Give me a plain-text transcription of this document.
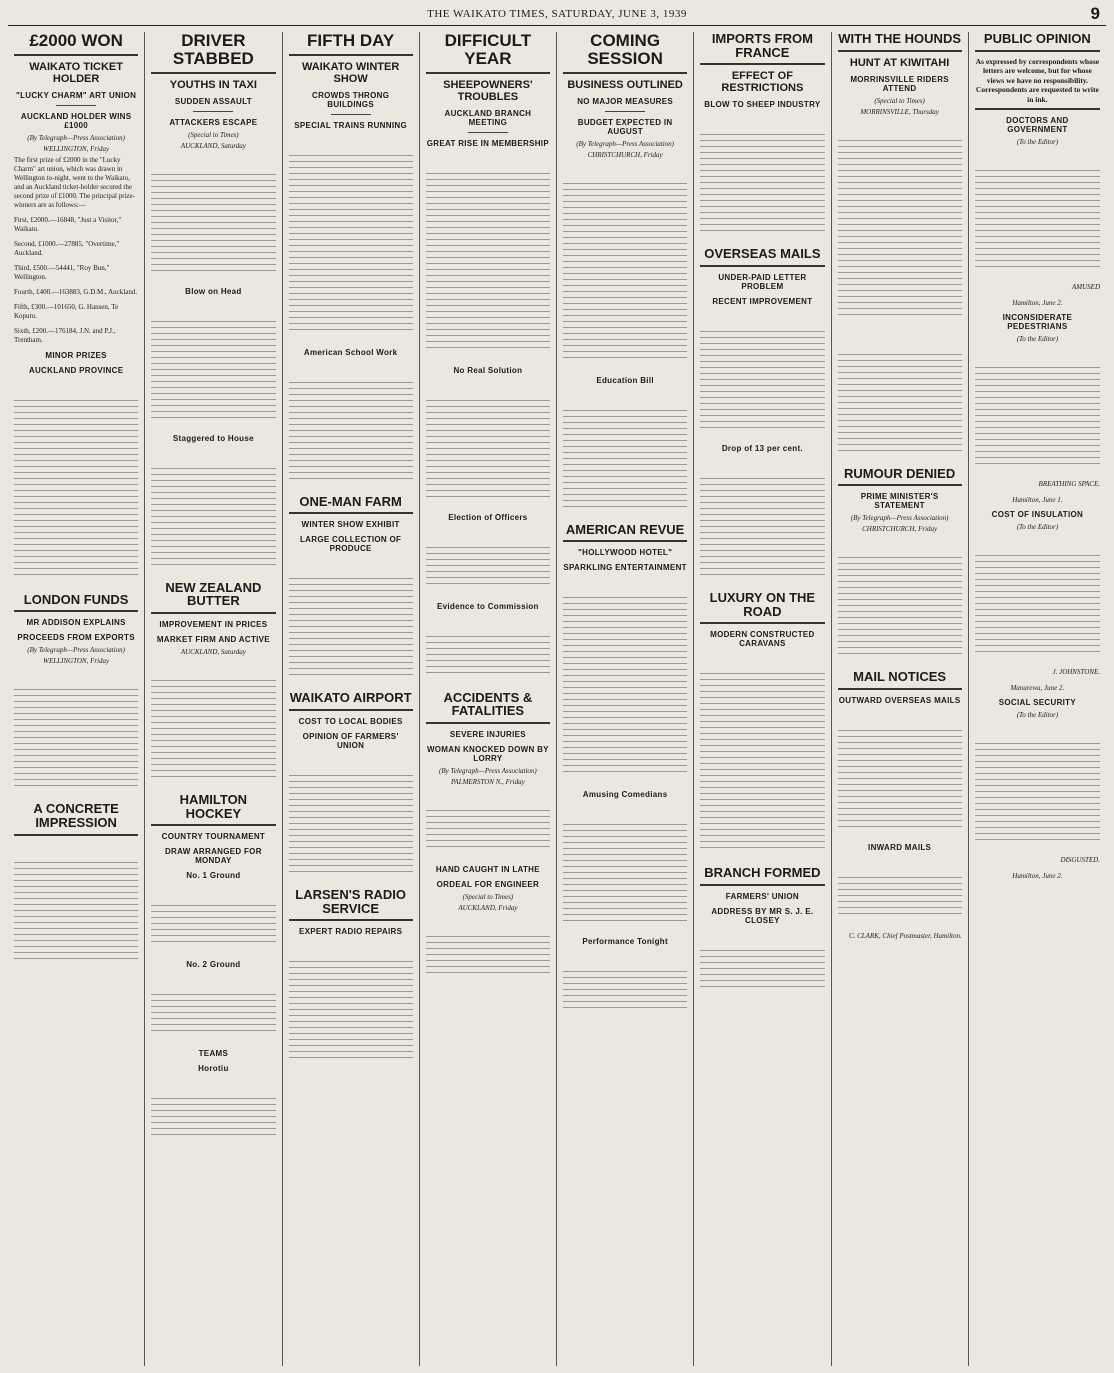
THE WAIKATO TIMES, SATURDAY, JUNE 3, 1939	9
£2000 WON
WAIKATO TICKET HOLDER
"LUCKY CHARM" ART UNION
AUCKLAND HOLDER WINS £1000
(By Telegraph—Press Association)
WELLINGTON, Friday
The first prize of £2000 in the "Lucky Charm" art union, which was drawn in Wellington to-night, went to the Waikato, and an Auckland ticket-holder secured the second prize of £1000. The principal prize-winners are as follows:—
First, £2000.—16848, "Just a Visitor," Waikato.
Second, £1000.—27885, "Overtime," Auckland.
Third, £500.—54441, "Roy Bun," Wellington.
Fourth, £400.—163883, G.D.M., Auckland.
Fifth, £300.—101650, G. Hansen, Te Kopuru.
Sixth, £200.—176184, J.N. and P.J., Trentham.
MINOR PRIZES
AUCKLAND PROVINCE
LONDON FUNDS
MR ADDISON EXPLAINS
PROCEEDS FROM EXPORTS
(By Telegraph—Press Association)
WELLINGTON, Friday
A CONCRETE IMPRESSION
DRIVER STABBED
YOUTHS IN TAXI
SUDDEN ASSAULT
ATTACKERS ESCAPE
(Special to Times)
AUCKLAND, Saturday
Blow on Head
Staggered to House
NEW ZEALAND BUTTER
IMPROVEMENT IN PRICES
MARKET FIRM AND ACTIVE
AUCKLAND, Saturday
HAMILTON HOCKEY
COUNTRY TOURNAMENT
DRAW ARRANGED FOR MONDAY
No. 1 Ground
No. 2 Ground
TEAMS
Horotiu
FIFTH DAY
WAIKATO WINTER SHOW
CROWDS THRONG BUILDINGS
SPECIAL TRAINS RUNNING
American School Work
ONE-MAN FARM
WINTER SHOW EXHIBIT
LARGE COLLECTION OF PRODUCE
WAIKATO AIRPORT
COST TO LOCAL BODIES
OPINION OF FARMERS' UNION
LARSEN'S RADIO SERVICE
EXPERT RADIO REPAIRS
DIFFICULT YEAR
SHEEPOWNERS' TROUBLES
AUCKLAND BRANCH MEETING
GREAT RISE IN MEMBERSHIP
No Real Solution
Election of Officers
Evidence to Commission
ACCIDENTS & FATALITIES
SEVERE INJURIES
WOMAN KNOCKED DOWN BY LORRY
(By Telegraph—Press Association)
PALMERSTON N., Friday
HAND CAUGHT IN LATHE
ORDEAL FOR ENGINEER
(Special to Times)
AUCKLAND, Friday
COMING SESSION
BUSINESS OUTLINED
NO MAJOR MEASURES
BUDGET EXPECTED IN AUGUST
(By Telegraph—Press Association)
CHRISTCHURCH, Friday
Education Bill
AMERICAN REVUE
"HOLLYWOOD HOTEL"
SPARKLING ENTERTAINMENT
Amusing Comedians
Performance Tonight
IMPORTS FROM FRANCE
EFFECT OF RESTRICTIONS
BLOW TO SHEEP INDUSTRY
OVERSEAS MAILS
UNDER-PAID LETTER PROBLEM
RECENT IMPROVEMENT
Drop of 13 per cent.
LUXURY ON THE ROAD
MODERN CONSTRUCTED CARAVANS
BRANCH FORMED
FARMERS' UNION
ADDRESS BY MR S. J. E. CLOSEY
WITH THE HOUNDS
HUNT AT KIWITAHI
MORRINSVILLE RIDERS ATTEND
(Special to Times)
MORRINSVILLE, Thursday
RUMOUR DENIED
PRIME MINISTER'S STATEMENT
(By Telegraph—Press Association)
CHRISTCHURCH, Friday
MAIL NOTICES
OUTWARD OVERSEAS MAILS
INWARD MAILS
C. CLARK, Chief Postmaster, Hamilton.
PUBLIC OPINION
As expressed by correspondents whose letters are welcome, but for whose views we have no responsibility. Correspondents are requested to write in ink.
DOCTORS AND GOVERNMENT
(To the Editor)
AMUSED
Hamilton, June 2.
INCONSIDERATE PEDESTRIANS
(To the Editor)
BREATHING SPACE.
Hamilton, June 1.
COST OF INSULATION
(To the Editor)
J. JOHNSTONE.
Manurewa, June 2.
SOCIAL SECURITY
(To the Editor)
DISGUSTED.
Hamilton, June 2.
